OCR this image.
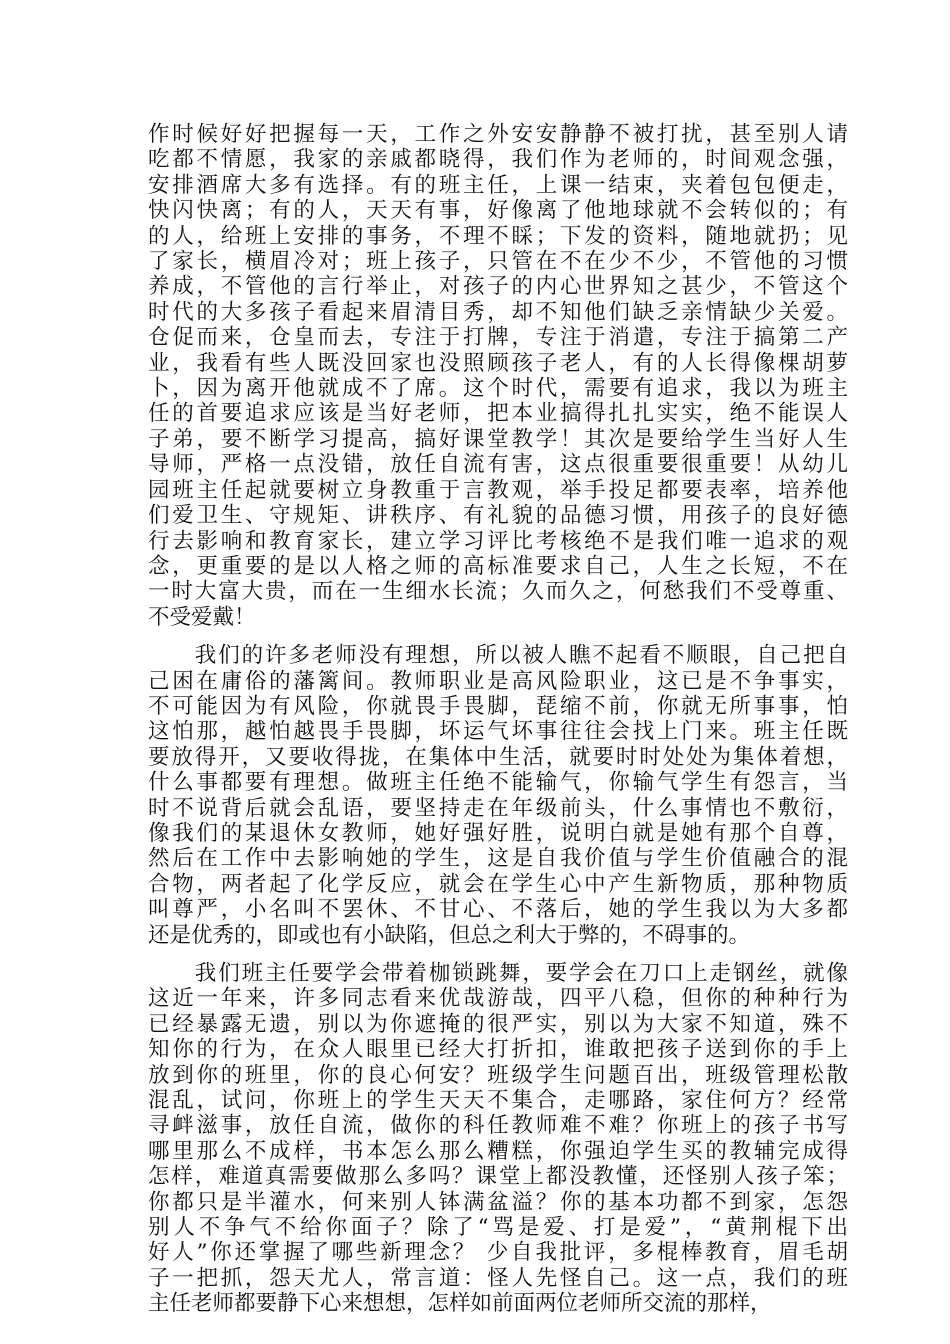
作时候好好把握每一天，工作之外安安静静不被打扰，甚至别人请
吃都不情愿，我家的亲戚都晓得，我们作为老师的，时间观念强，
安排酒席大多有选择。有的班主任，上课一结束，夹着包包便走，
快闪快离；有的人，天天有事，好像离了他地球就不会转似的；有
的人，给班上安排的事务，不理不睬；下发的资料，随地就扔；见
了家长，横眉冷对；班上孩子，只管在不在少不少，不管他的习惯
养成，不管他的言行举止，对孩子的内心世界知之甚少，不管这个
时代的大多孩子看起来眉清目秀，却不知他们缺乏亲情缺少关爱。
仓促而来，仓皇而去，专注于打牌，专注于消遣，专注于搞第二产
业，我看有些人既没回家也没照顾孩子老人，有的人长得像棵胡萝
卜，因为离开他就成不了席。这个时代，需要有追求，我以为班主
任的首要追求应该是当好老师，把本业搞得扎扎实实，绝不能误人
子弟，要不断学习提高，搞好课堂教学！其次是要给学生当好人生
导师，严格一点没错，放任自流有害，这点很重要很重要！从幼儿
园班主任起就要树立身教重于言教观，举手投足都要表率，培养他
们爱卫生、守规矩、讲秩序、有礼貌的品德习惯，用孩子的良好德
行去影响和教育家长，建立学习评比考核绝不是我们唯一追求的观
念，更重要的是以人格之师的高标准要求自己，人生之长短，不在
一时大富大贵，而在一生细水长流；久而久之，何愁我们不受尊重、
不受爱戴！
　　我们的许多老师没有理想，所以被人瞧不起看不顺眼，自己把自
己困在庸俗的藩篱间。教师职业是高风险职业，这已是不争事实，
不可能因为有风险，你就畏手畏脚，琵缩不前，你就无所事事，怕
这怕那，越怕越畏手畏脚，坏运气坏事往往会找上门来。班主任既
要放得开，又要收得拢，在集体中生活，就要时时处处为集体着想，
什么事都要有理想。做班主任绝不能输气，你输气学生有怨言，当
时不说背后就会乱语，要坚持走在年级前头，什么事情也不敷衍，
像我们的某退休女教师，她好强好胜，说明白就是她有那个自尊，
然后在工作中去影响她的学生，这是自我价值与学生价值融合的混
合物，两者起了化学反应，就会在学生心中产生新物质，那种物质
叫尊严，小名叫不罢休、不甘心、不落后，她的学生我以为大多都
还是优秀的，即或也有小缺陷，但总之利大于弊的，不碍事的。
　　我们班主任要学会带着枷锁跳舞，要学会在刀口上走钢丝，就像
这近一年来，许多同志看来优哉游哉，四平八稳，但你的种种行为
已经暴露无遗，别以为你遮掩的很严实，别以为大家不知道，殊不
知你的行为，在众人眼里已经大打折扣，谁敢把孩子送到你的手上
放到你的班里，你的良心何安？班级学生问题百出，班级管理松散
混乱，试问，你班上的学生天天不集合，走哪路，家住何方？经常
寻衅滋事，放任自流，做你的科任教师难不难？你班上的孩子书写
哪里那么不成样，书本怎么那么糟糕，你强迫学生买的教辅完成得
怎样，难道真需要做那么多吗？课堂上都没教懂，还怪别人孩子笨；
你都只是半灌水，何来别人钵满盆溢？你的基本功都不到家，怎怨
别人不争气不给你面子？除了“骂是爱、打是爱”，“黄荆棍下出
好人”你还掌握了哪些新理念？ 少自我批评，多棍棒教育，眉毛胡
子一把抓，怨天尤人，常言道：怪人先怪自己。这一点，我们的班
主任老师都要静下心来想想，怎样如前面两位老师所交流的那样，
